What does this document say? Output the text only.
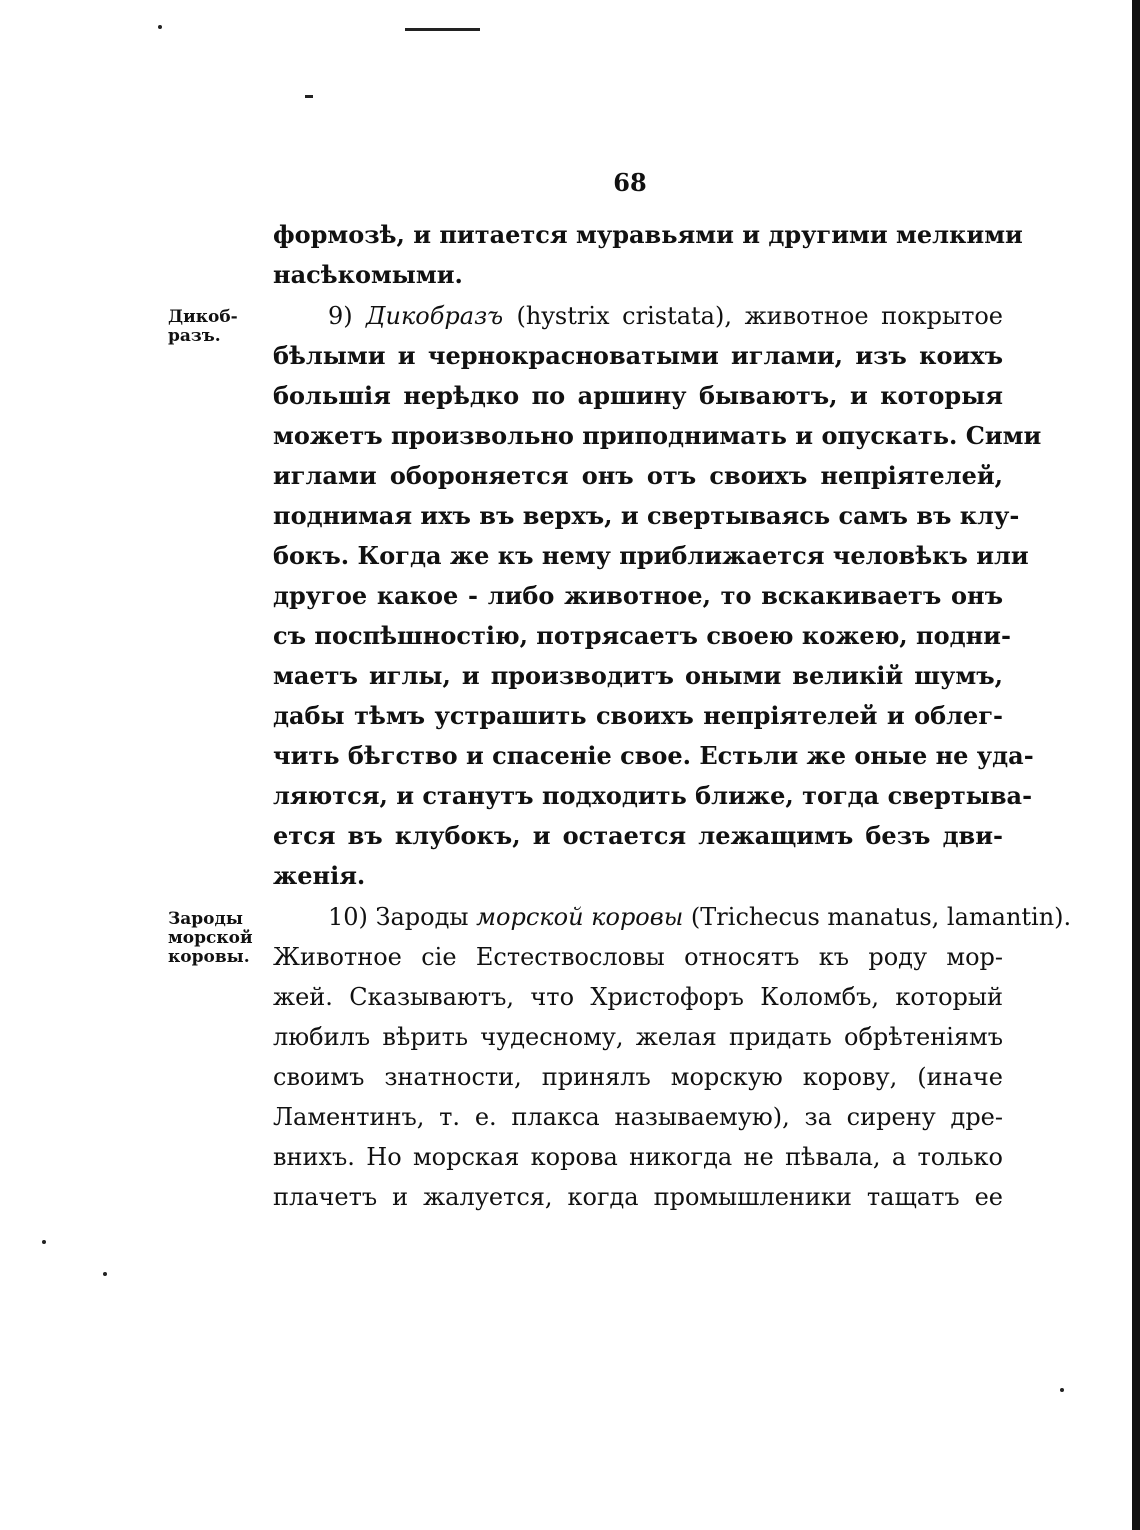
68
формозѣ, и питается муравьями и другими мелкими
насѣкомыми.
Дикоб-
разъ.
9) Дикобразъ (hystrix cristata), животное покрытое
бѣлыми и чернокрасноватыми иглами, изъ коихъ
большія нерѣдко по аршину бываютъ, и которыя
можетъ произвольно приподнимать и опускать. Сими
иглами обороняется онъ отъ своихъ непріятелей,
поднимая ихъ въ верхъ, и свертываясь самъ въ клу-
бокъ. Когда же къ нему приближается человѣкъ или
другое какое - либо животное, то вскакиваетъ онъ
съ поспѣшностію, потрясаетъ своею кожею, подни-
маетъ иглы, и производитъ оными великій шумъ,
дабы тѣмъ устрашить своихъ непріятелей и облег-
чить бѣгство и спасеніе свое. Естьли же оные не уда-
ляются, и станутъ подходить ближе, тогда свертыва-
ется въ клубокъ, и остается лежащимъ безъ дви-
женія.
Зароды
морской
коровы.
10) Зароды морской коровы (Trichecus manatus, lamantin).
Животное сіе Естествословы относятъ къ роду мор-
жей. Сказываютъ, что Христофоръ Коломбъ, который
любилъ вѣрить чудесному, желая придать обрѣтеніямъ
своимъ знатности, принялъ морскую корову, (иначе
Ламентинъ, т. е. плакса называемую), за сирену дре-
внихъ. Но морская корова никогда не пѣвала, а только
плачетъ и жалуется, когда промышленики тащатъ ее
